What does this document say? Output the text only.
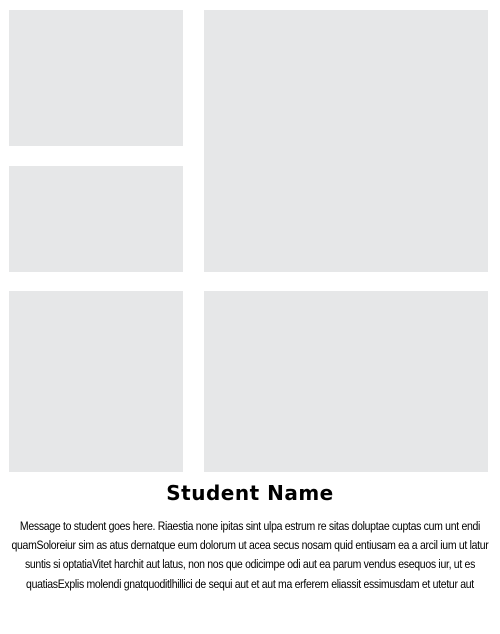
Student Name

Message to student goes here. Riaestia none ipitas sint ulpa estrum re sitas doluptae cuptas cum unt endi quamSoloreiur sim as atus dernatque eum dolorum ut acea secus nosam quid entiusam ea a arcil ium ut latur suntis si optatiaVitet harchit aut latus, non nos que odicimpe odi aut ea parum vendus esequos iur, ut es quatiasExplis molendi gnatquoditlhillici de sequi aut et aut ma erferem eliassit essimusdam et utetur aut
